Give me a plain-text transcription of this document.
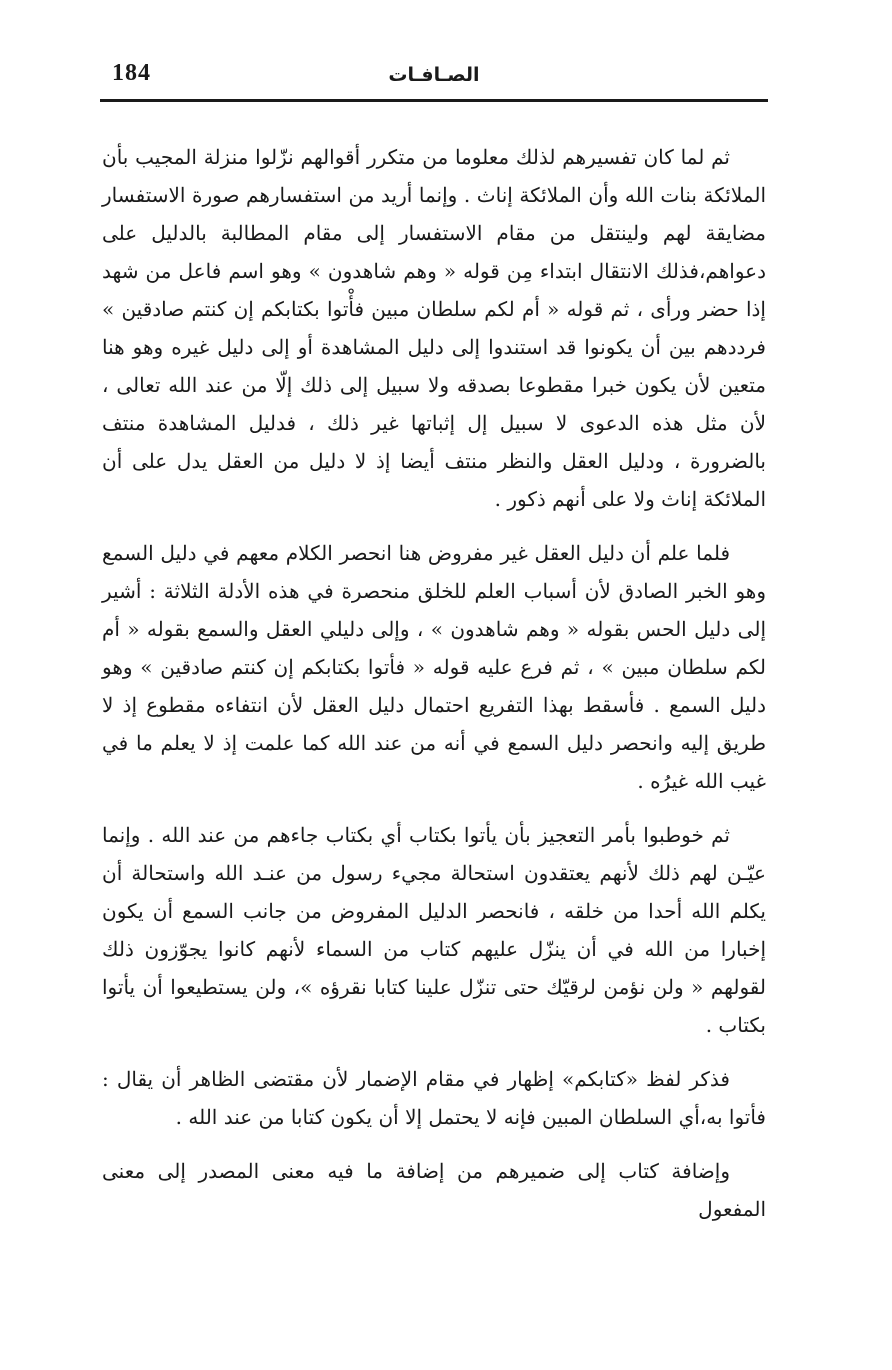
184	الصـافـات

ثم لما كان تفسيرهم لذلك معلوما من متكرر أقوالهم نزّلوا منزلة المجيب بأن الملائكة بنات الله وأن الملائكة إناث . وإنما أريد من استفسارهم صورة الاستفسار مضايقة لهم ولينتقل من مقام الاستفسار إلى مقام المطالبة بالدليل على دعواهم،فذلك الانتقال ابتداء مِن قوله « وهم شاهدون » وهو اسم فاعل من شهد إذا حضر ورأى ، ثم قوله « أم لكم سلطان مبين فأْتوا بكتابكم إن كنتم صادقين » فرددهم بين أن يكونوا قد استندوا إلى دليل المشاهدة أو إلى دليل غيره وهو هنا متعين لأن يكون خبرا مقطوعا بصدقه ولا سبيل إلى ذلك إلّا من عند الله تعالى ، لأن مثل هذه الدعوى لا سبيل إل إثباتها غير ذلك ، فدليل المشاهدة منتف بالضرورة ، ودليل العقل والنظر منتف أيضا إذ لا دليل من العقل يدل على أن الملائكة إناث ولا على أنهم ذكور .

فلما علم أن دليل العقل غير مفروض هنا انحصر الكلام معهم في دليل السمع وهو الخبر الصادق لأن أسباب العلم للخلق منحصرة في هذه الأدلة الثلاثة : أشير إلى دليل الحس بقوله « وهم شاهدون » ، وإلى دليلي العقل والسمع بقوله « أم لكم سلطان مبين » ، ثم فرع عليه قوله « فأتوا بكتابكم إن كنتم صادقين » وهو دليل السمع . فأسقط بهذا التفريع احتمال دليل العقل لأن انتفاءه مقطوع إذ لا طريق إليه وانحصر دليل السمع في أنه من عند الله كما علمت إذ لا يعلم ما في غيب الله غيرُه .

ثم خوطبوا بأمر التعجيز بأن يأتوا بكتاب أي بكتاب جاءهم من عند الله . وإنما عيّـن لهم ذلك لأنهم يعتقدون استحالة مجيء رسول من عنـد الله واستحالة أن يكلم الله أحدا من خلقه ، فانحصر الدليل المفروض من جانب السمع أن يكون إخبارا من الله في أن ينزّل عليهم كتاب من السماء لأنهم كانوا يجوّزون ذلك لقولهم « ولن نؤمن لرقيّك حتى تنزّل علينا كتابا نقرؤه »، ولن يستطيعوا أن يأتوا بكتاب .

فذكر لفظ «كتابكم» إظهار في مقام الإضمار لأن مقتضى الظاهر أن يقال : فأتوا به،أي السلطان المبين فإنه لا يحتمل إلا أن يكون كتابا من عند الله .

وإضافة كتاب إلى ضميرهم من إضافة ما فيه معنى المصدر إلى معنى المفعول
